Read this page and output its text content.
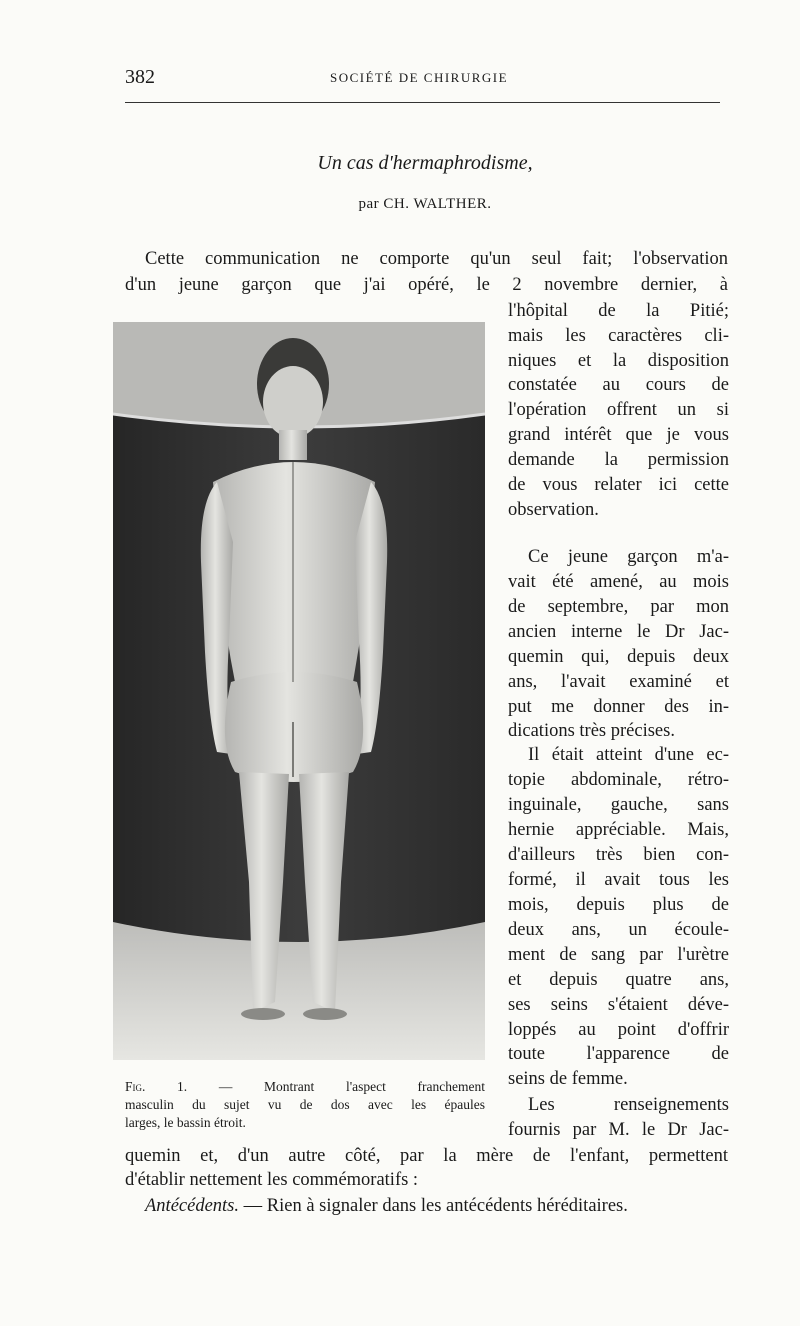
382	SOCIÉTÉ DE CHIRURGIE
Un cas d'hermaphrodisme,
par CH. WALTHER.
Cette communication ne comporte qu'un seul fait; l'observation
d'un jeune garçon que j'ai opéré, le 2 novembre dernier, à
l'hôpital de la Pitié;
mais les caractères cli-
niques et la disposition
constatée au cours de
l'opération offrent un si
grand intérêt que je vous
demande la permission
de vous relater ici cette
observation.
Ce jeune garçon m'a-
vait été amené, au mois
de septembre, par mon
ancien interne le Dr Jac-
quemin qui, depuis deux
ans, l'avait examiné et
put me donner des in-
dications très précises.
Il était atteint d'une ec-
topie abdominale, rétro-
inguinale, gauche, sans
hernie appréciable. Mais,
d'ailleurs très bien con-
formé, il avait tous les
mois, depuis plus de
deux ans, un écoule-
ment de sang par l'urètre
et depuis quatre ans,
ses seins s'étaient déve-
loppés au point d'offrir
toute l'apparence de
seins de femme.
Les renseignements
fournis par M. le Dr Jac-
quemin et, d'un autre côté, par la mère de l'enfant, permettent
d'établir nettement les commémoratifs :
Antécédents. — Rien à signaler dans les antécédents héréditaires.
Fig. 1. — Montrant l'aspect franchement
masculin du sujet vu de dos avec les épaules
larges, le bassin étroit.
